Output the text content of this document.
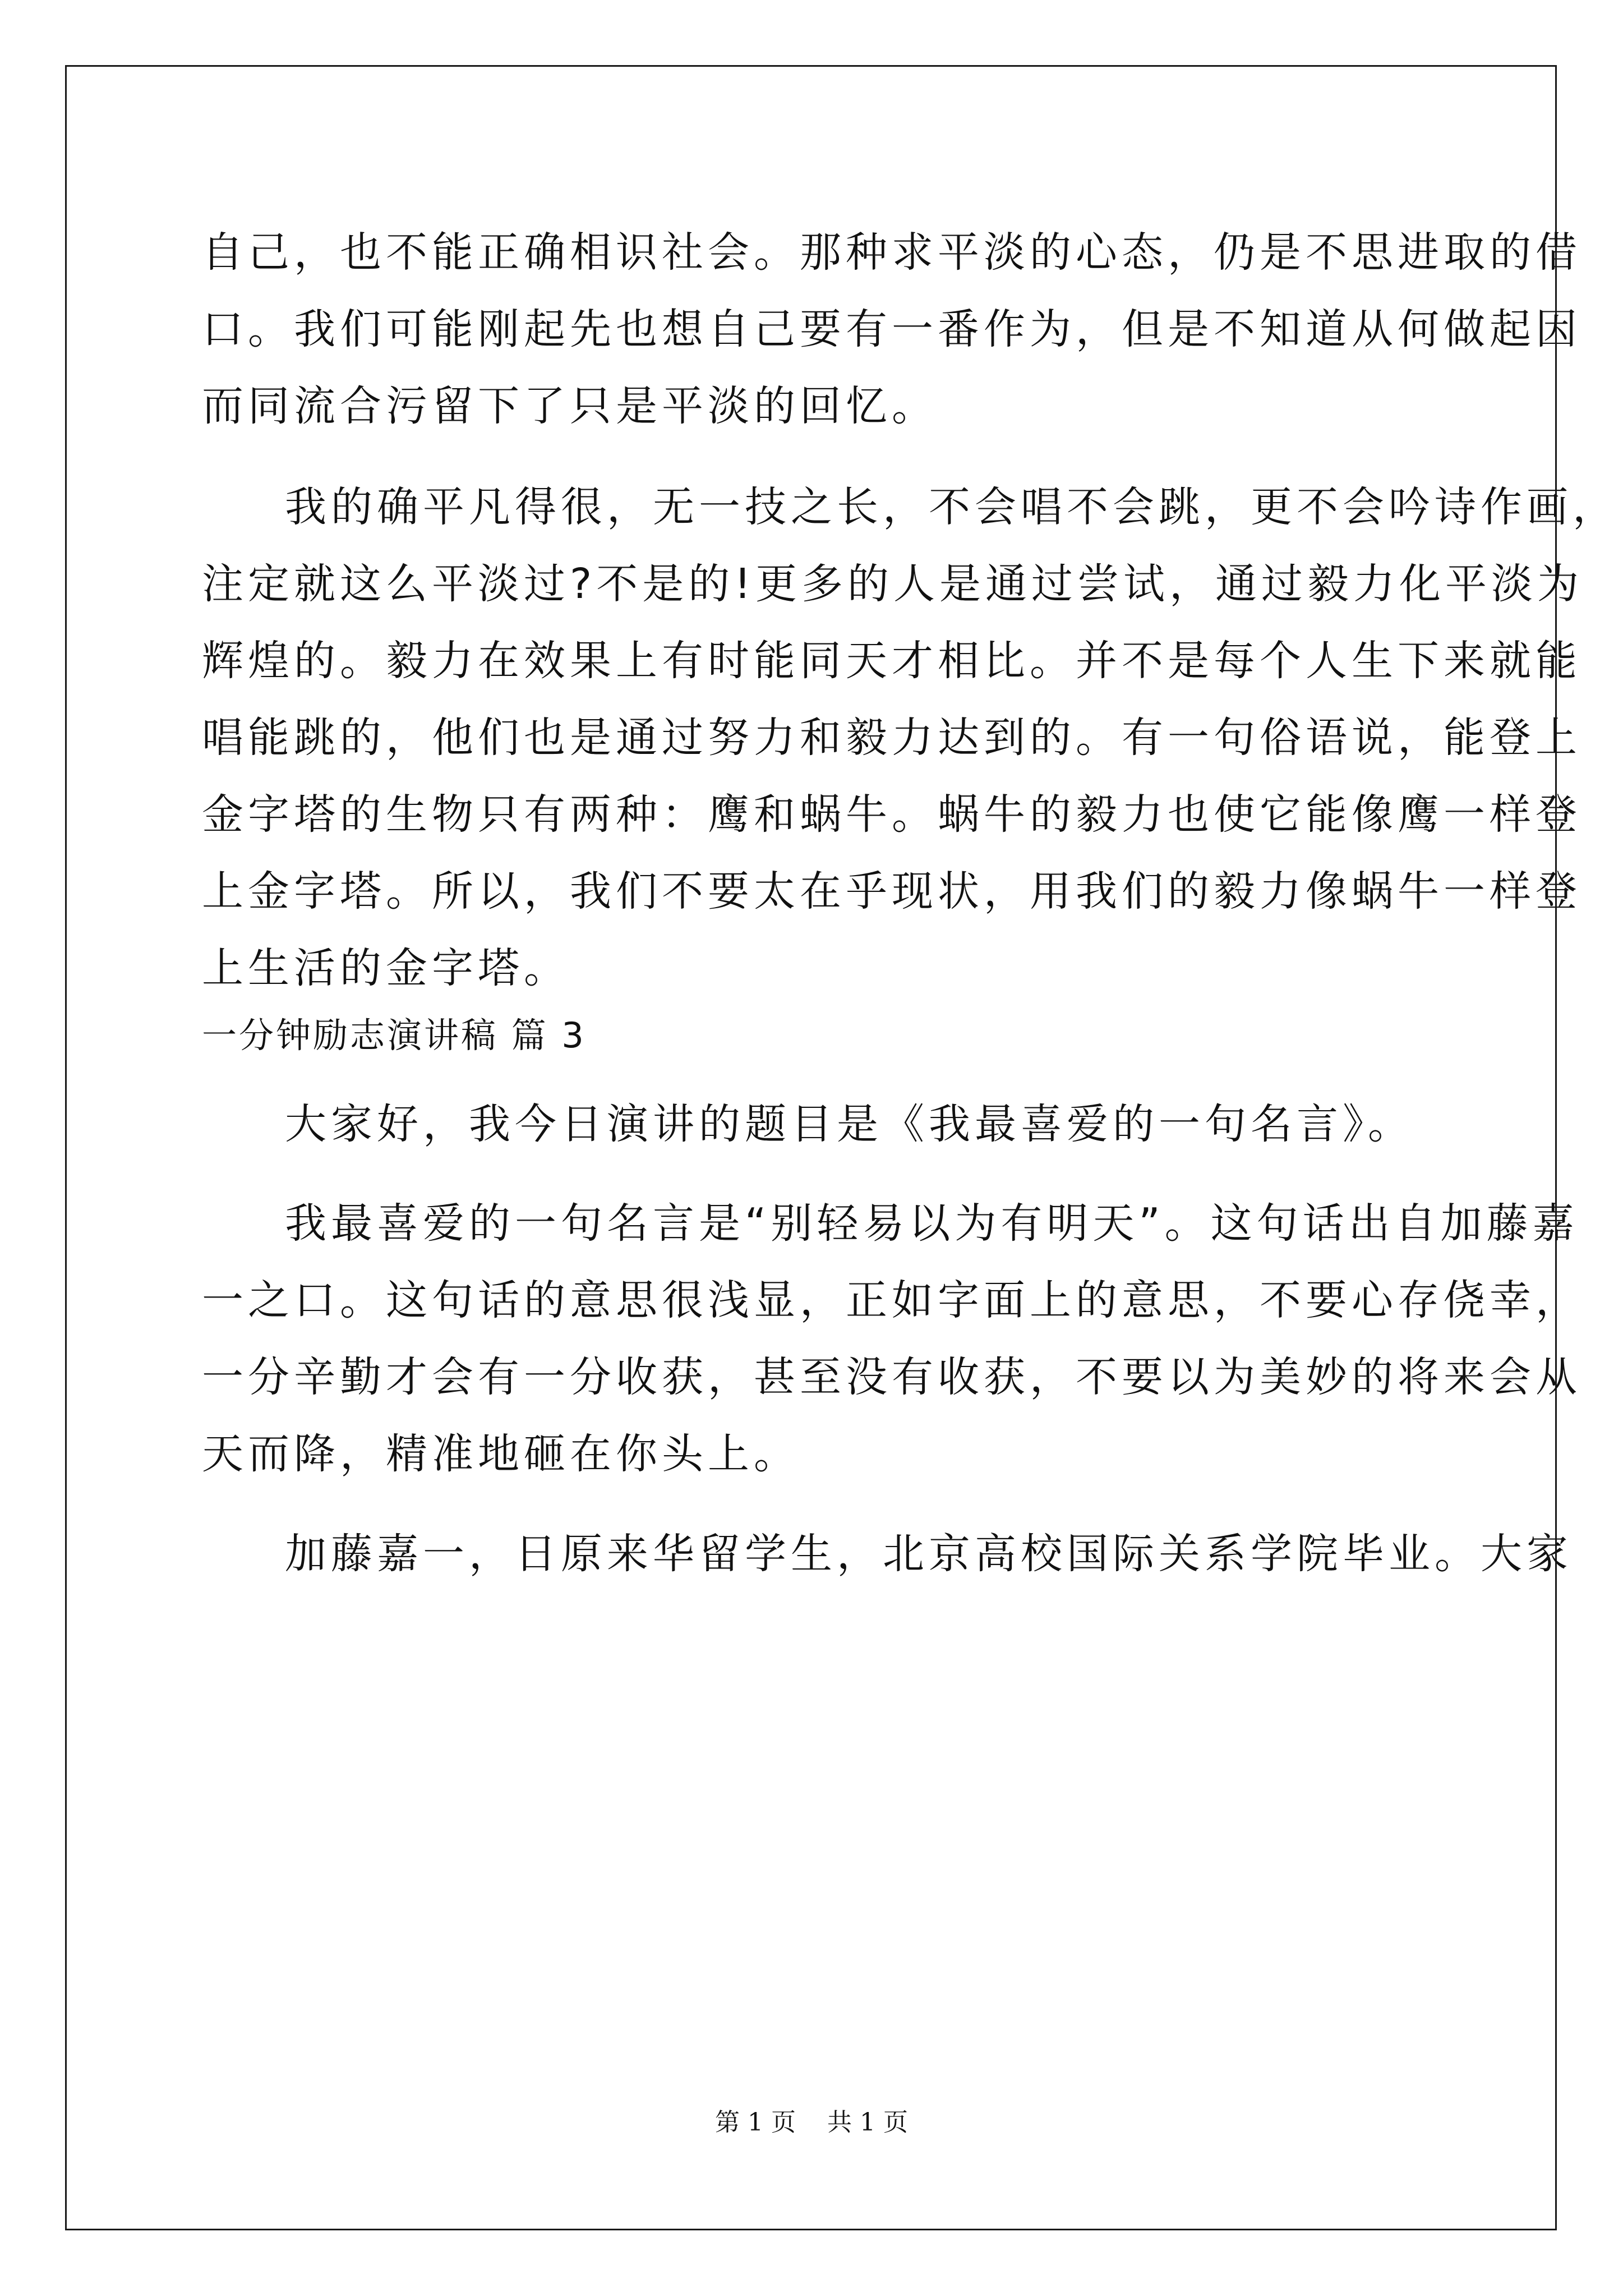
自己，也不能正确相识社会。那种求平淡的心态，仍是不思进取的借
口。我们可能刚起先也想自己要有一番作为，但是不知道从何做起因
而同流合污留下了只是平淡的回忆。
我的确平凡得很，无一技之长，不会唱不会跳，更不会吟诗作画，
注定就这么平淡过?不是的!更多的人是通过尝试，通过毅力化平淡为
辉煌的。毅力在效果上有时能同天才相比。并不是每个人生下来就能
唱能跳的，他们也是通过努力和毅力达到的。有一句俗语说，能登上
金字塔的生物只有两种：鹰和蜗牛。蜗牛的毅力也使它能像鹰一样登
上金字塔。所以，我们不要太在乎现状，用我们的毅力像蜗牛一样登
上生活的金字塔。
一分钟励志演讲稿 篇 3
大家好，我今日演讲的题目是《我最喜爱的一句名言》。
我最喜爱的一句名言是“别轻易以为有明天”。这句话出自加藤嘉
一之口。这句话的意思很浅显，正如字面上的意思，不要心存侥幸，
一分辛勤才会有一分收获，甚至没有收获，不要以为美妙的将来会从
天而降，精准地砸在你头上。
加藤嘉一，日原来华留学生，北京高校国际关系学院毕业。大家
第 1 页 共 1 页
